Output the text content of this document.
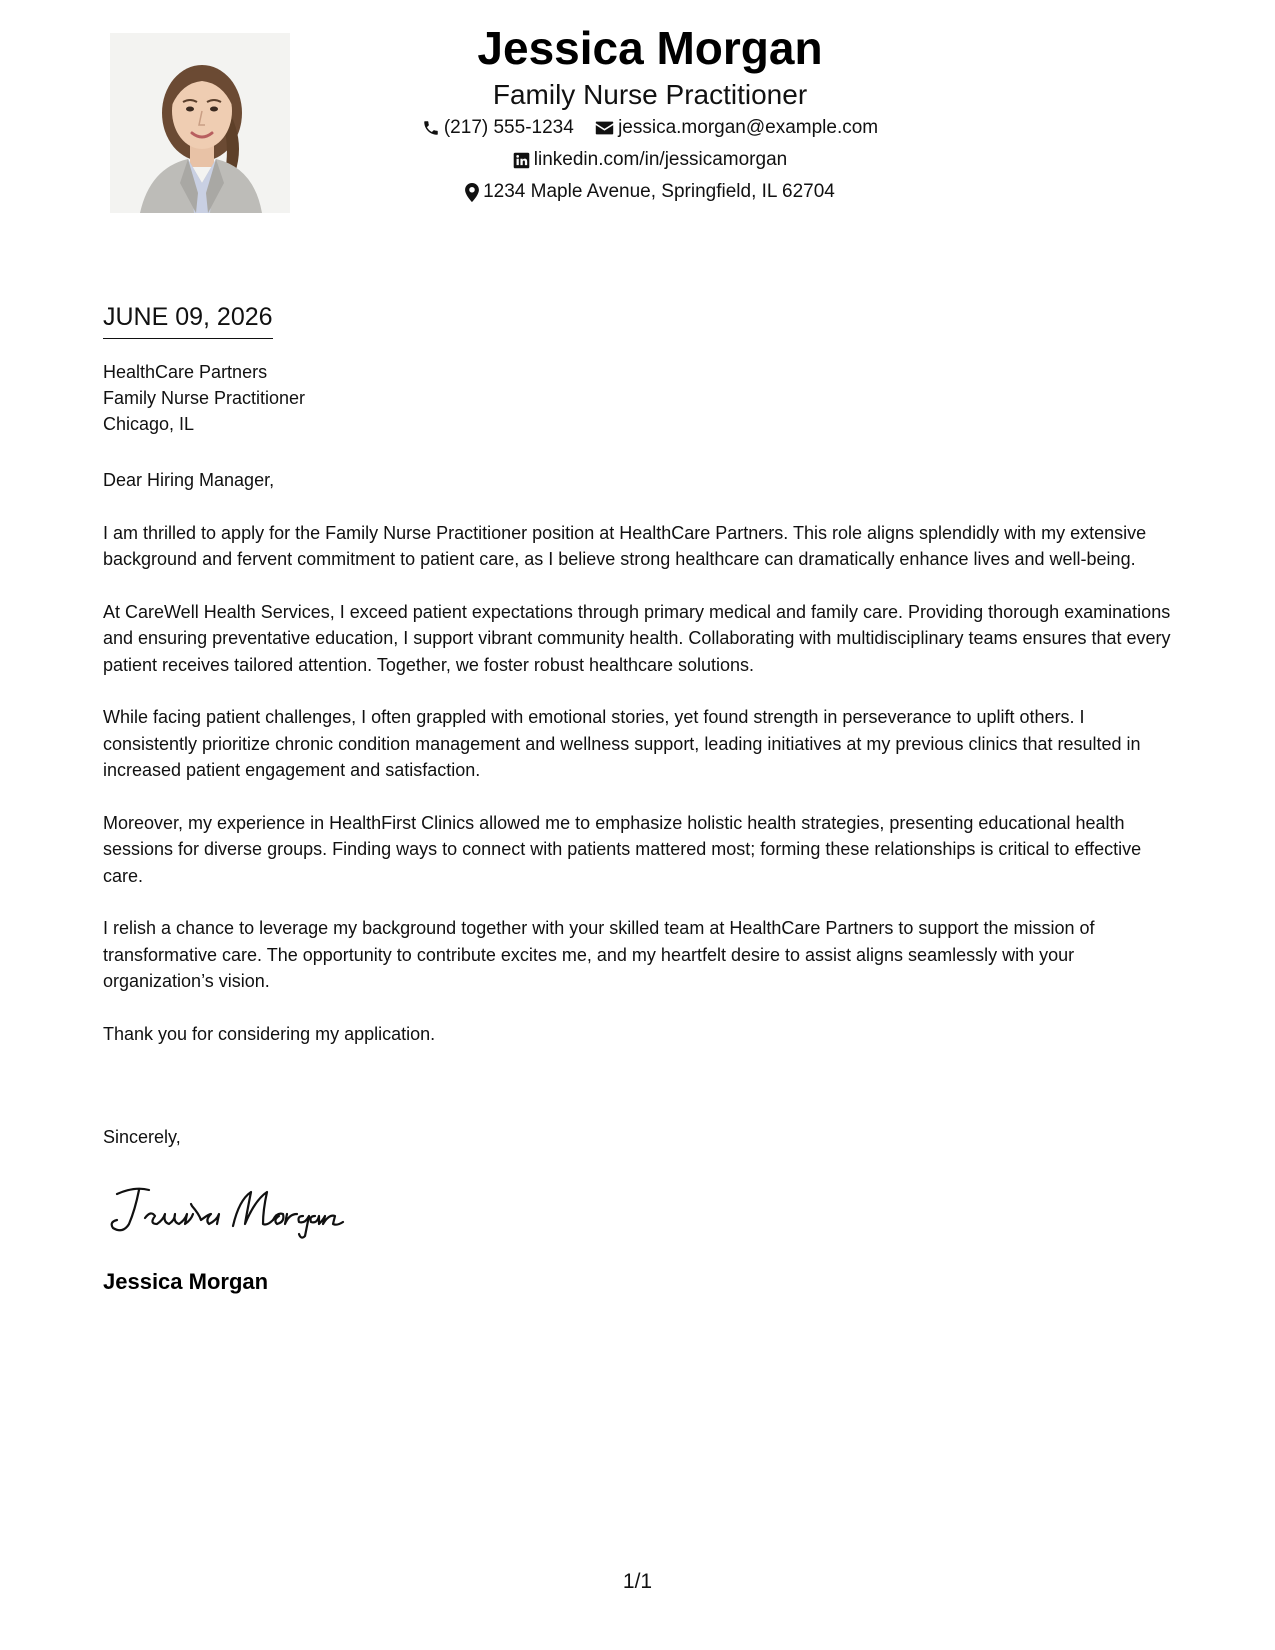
Jessica Morgan
Family Nurse Practitioner
(217) 555-1234
jessica.morgan@example.com
linkedin.com/in/jessicamorgan
1234 Maple Avenue, Springfield, IL 62704
JUNE 09, 2026
HealthCare Partners
Family Nurse Practitioner
Chicago, IL

Dear Hiring Manager,

I am thrilled to apply for the Family Nurse Practitioner position at HealthCare Partners. This role aligns splendidly with my extensive background and fervent commitment to patient care, as I believe strong healthcare can dramatically enhance lives and well-being.

At CareWell Health Services, I exceed patient expectations through primary medical and family care. Providing thorough examinations and ensuring preventative education, I support vibrant community health. Collaborating with multidisciplinary teams ensures that every patient receives tailored attention. Together, we foster robust healthcare solutions.

While facing patient challenges, I often grappled with emotional stories, yet found strength in perseverance to uplift others. I consistently prioritize chronic condition management and wellness support, leading initiatives at my previous clinics that resulted in increased patient engagement and satisfaction.

Moreover, my experience in HealthFirst Clinics allowed me to emphasize holistic health strategies, presenting educational health sessions for diverse groups. Finding ways to connect with patients mattered most; forming these relationships is critical to effective care.

I relish a chance to leverage my background together with your skilled team at HealthCare Partners to support the mission of transformative care. The opportunity to contribute excites me, and my heartfelt desire to assist aligns seamlessly with your organization’s vision.

Thank you for considering my application.

Sincerely,
Jessica Morgan
1/1
